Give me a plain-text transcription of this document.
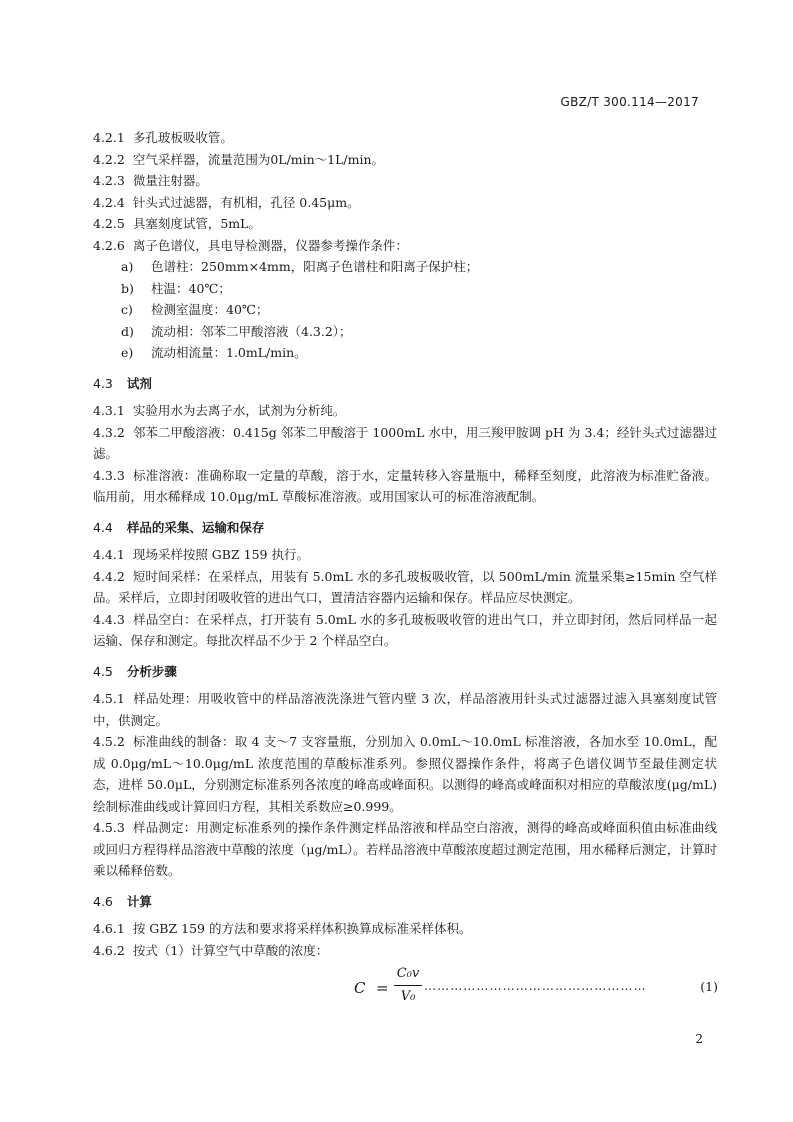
GBZ/T 300.114—2017

4.2.1 多孔玻板吸收管。

4.2.2 空气采样器，流量范围为0L/min～1L/min。

4.2.3 微量注射器。

4.2.4 针头式过滤器，有机相，孔径 0.45μm。

4.2.5 具塞刻度试管，5mL。

4.2.6 离子色谱仪，具电导检测器，仪器参考操作条件：

a) 色谱柱：250mm×4mm，阳离子色谱柱和阳离子保护柱；
b) 柱温：40℃；
c) 检测室温度：40℃；
d) 流动相：邻苯二甲酸溶液（4.3.2）；
e) 流动相流量：1.0mL/min。
4.3 试剂

4.3.1 实验用水为去离子水，试剂为分析纯。

4.3.2 邻苯二甲酸溶液：0.415g 邻苯二甲酸溶于 1000mL 水中，用三羧甲胺调 pH 为 3.4；经针头式过滤器过滤。

4.3.3 标准溶液：准确称取一定量的草酸，溶于水，定量转移入容量瓶中，稀释至刻度，此溶液为标准贮备液。临用前，用水稀释成 10.0μg/mL 草酸标准溶液。或用国家认可的标准溶液配制。

4.4 样品的采集、运输和保存

4.4.1 现场采样按照 GBZ 159 执行。

4.4.2 短时间采样：在采样点，用装有 5.0mL 水的多孔玻板吸收管，以 500mL/min 流量采集≥15min 空气样品。采样后，立即封闭吸收管的进出气口，置清洁容器内运输和保存。样品应尽快测定。

4.4.3 样品空白：在采样点，打开装有 5.0mL 水的多孔玻板吸收管的进出气口，并立即封闭，然后同样品一起运输、保存和测定。每批次样品不少于 2 个样品空白。

4.5 分析步骤

4.5.1 样品处理：用吸收管中的样品溶液洗涤进气管内壁 3 次，样品溶液用针头式过滤器过滤入具塞刻度试管中，供测定。

4.5.2 标准曲线的制备：取 4 支～7 支容量瓶，分别加入 0.0mL～10.0mL 标准溶液，各加水至 10.0mL，配成 0.0μg/mL～10.0μg/mL 浓度范围的草酸标准系列。参照仪器操作条件，将离子色谱仪调节至最佳测定状态，进样 50.0μL，分别测定标准系列各浓度的峰高或峰面积。以测得的峰高或峰面积对相应的草酸浓度(μg/mL)绘制标准曲线或计算回归方程，其相关系数应≥0.999。

4.5.3 样品测定：用测定标准系列的操作条件测定样品溶液和样品空白溶液，测得的峰高或峰面积值由标准曲线或回归方程得样品溶液中草酸的浓度（μg/mL）。若样品溶液中草酸浓度超过测定范围，用水稀释后测定，计算时乘以稀释倍数。

4.6 计算

4.6.1 按 GBZ 159 的方法和要求将采样体积换算成标准采样体积。

4.6.2 按式（1）计算空气中草酸的浓度：

C =
C₀v
V₀
……………………………………………	(1)
2
